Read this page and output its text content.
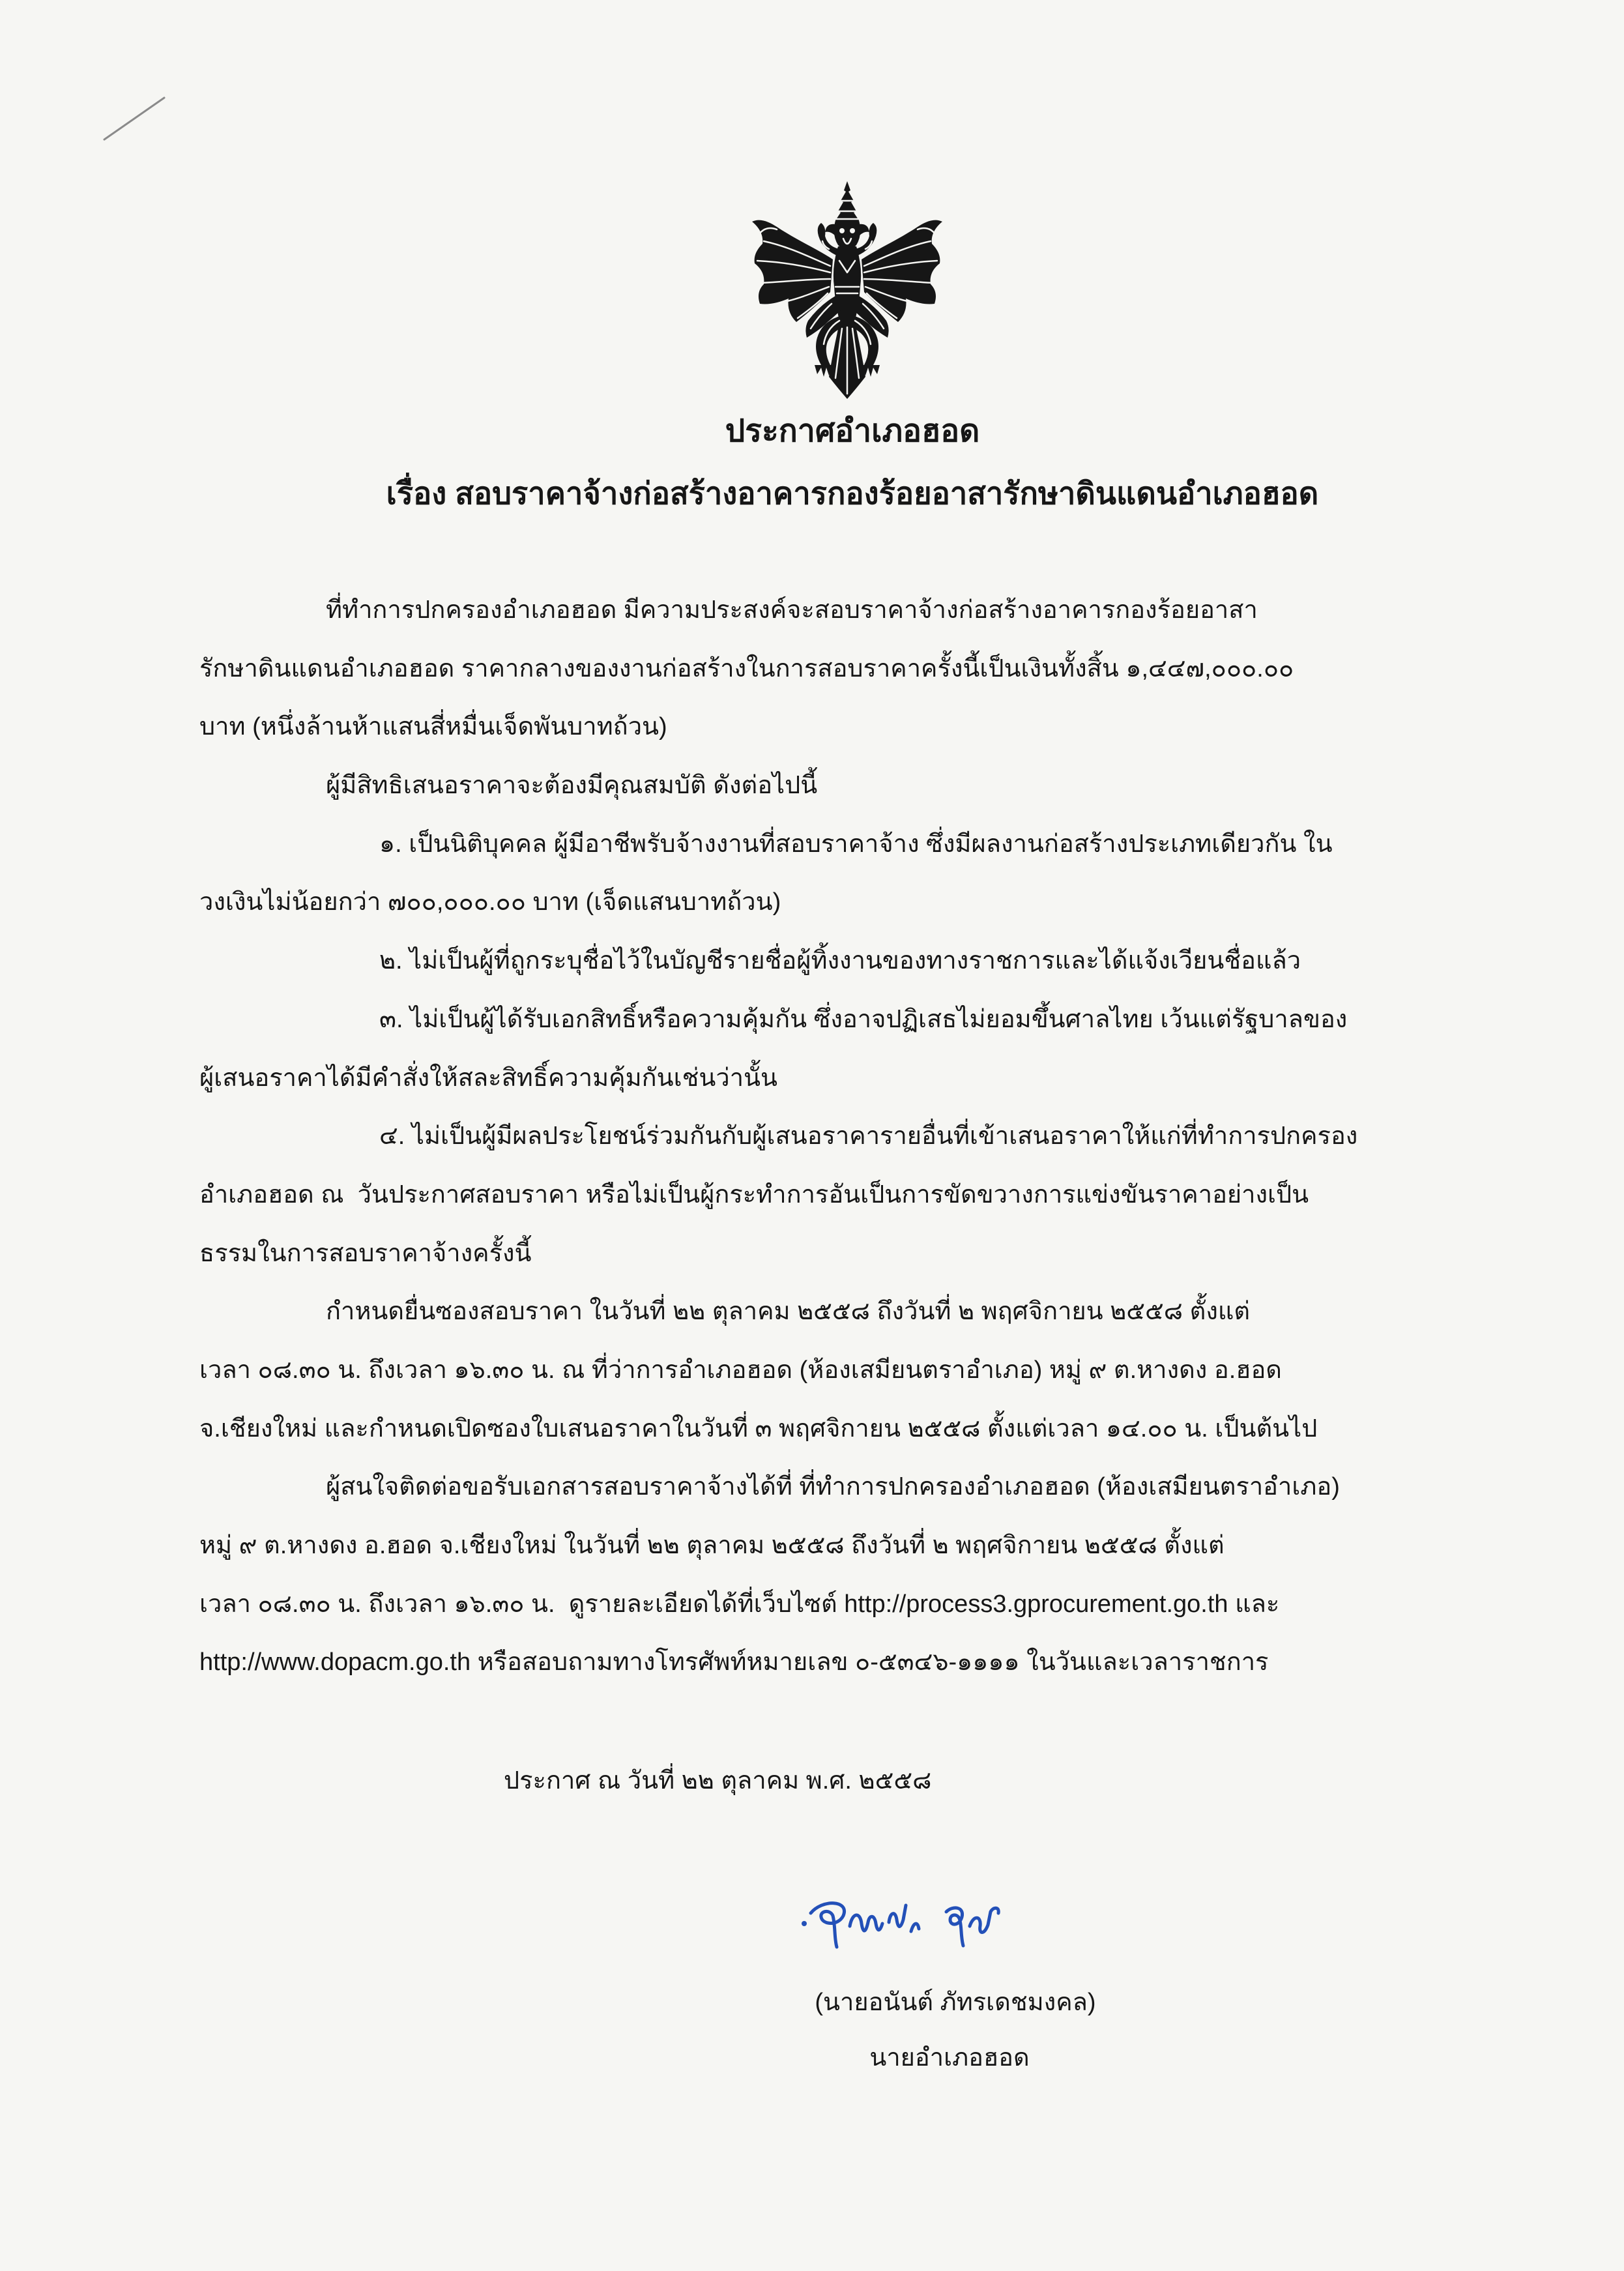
ประกาศอำเภอฮอด
เรื่อง สอบราคาจ้างก่อสร้างอาคารกองร้อยอาสารักษาดินแดนอำเภอฮอด
ที่ทำการปกครองอำเภอฮอด มีความประสงค์จะสอบราคาจ้างก่อสร้างอาคารกองร้อยอาสา
รักษาดินแดนอำเภอฮอด ราคากลางของงานก่อสร้างในการสอบราคาครั้งนี้เป็นเงินทั้งสิ้น ๑,๔๔๗,๐๐๐.๐๐
บาท (หนึ่งล้านห้าแสนสี่หมื่นเจ็ดพันบาทถ้วน)
ผู้มีสิทธิเสนอราคาจะต้องมีคุณสมบัติ ดังต่อไปนี้
๑. เป็นนิติบุคคล ผู้มีอาชีพรับจ้างงานที่สอบราคาจ้าง ซึ่งมีผลงานก่อสร้างประเภทเดียวกัน ใน
วงเงินไม่น้อยกว่า ๗๐๐,๐๐๐.๐๐ บาท (เจ็ดแสนบาทถ้วน)
๒. ไม่เป็นผู้ที่ถูกระบุชื่อไว้ในบัญชีรายชื่อผู้ทิ้งงานของทางราชการและได้แจ้งเวียนชื่อแล้ว
๓. ไม่เป็นผู้ได้รับเอกสิทธิ์หรือความคุ้มกัน ซึ่งอาจปฏิเสธไม่ยอมขึ้นศาลไทย เว้นแต่รัฐบาลของ
ผู้เสนอราคาได้มีคำสั่งให้สละสิทธิ์ความคุ้มกันเช่นว่านั้น
๔. ไม่เป็นผู้มีผลประโยชน์ร่วมกันกับผู้เสนอราคารายอื่นที่เข้าเสนอราคาให้แก่ที่ทำการปกครอง
อำเภอฮอด ณ  วันประกาศสอบราคา หรือไม่เป็นผู้กระทำการอันเป็นการขัดขวางการแข่งขันราคาอย่างเป็น
ธรรมในการสอบราคาจ้างครั้งนี้
กำหนดยื่นซองสอบราคา ในวันที่ ๒๒ ตุลาคม ๒๕๕๘ ถึงวันที่ ๒ พฤศจิกายน ๒๕๕๘ ตั้งแต่
เวลา ๐๘.๓๐ น. ถึงเวลา ๑๖.๓๐ น. ณ ที่ว่าการอำเภอฮอด (ห้องเสมียนตราอำเภอ) หมู่ ๙ ต.หางดง อ.ฮอด
จ.เชียงใหม่ และกำหนดเปิดซองใบเสนอราคาในวันที่ ๓ พฤศจิกายน ๒๕๕๘ ตั้งแต่เวลา ๑๔.๐๐ น. เป็นต้นไป
ผู้สนใจติดต่อขอรับเอกสารสอบราคาจ้างได้ที่ ที่ทำการปกครองอำเภอฮอด (ห้องเสมียนตราอำเภอ)
หมู่ ๙ ต.หางดง อ.ฮอด จ.เชียงใหม่ ในวันที่ ๒๒ ตุลาคม ๒๕๕๘ ถึงวันที่ ๒ พฤศจิกายน ๒๕๕๘ ตั้งแต่
เวลา ๐๘.๓๐ น. ถึงเวลา ๑๖.๓๐ น.  ดูรายละเอียดได้ที่เว็บไซต์ http://process3.gprocurement.go.th และ
http://www.dopacm.go.th หรือสอบถามทางโทรศัพท์หมายเลข ๐-๕๓๔๖-๑๑๑๑ ในวันและเวลาราชการ
ประกาศ ณ วันที่ ๒๒ ตุลาคม พ.ศ. ๒๕๕๘
(นายอนันต์ ภัทรเดชมงคล)
นายอำเภอฮอด
